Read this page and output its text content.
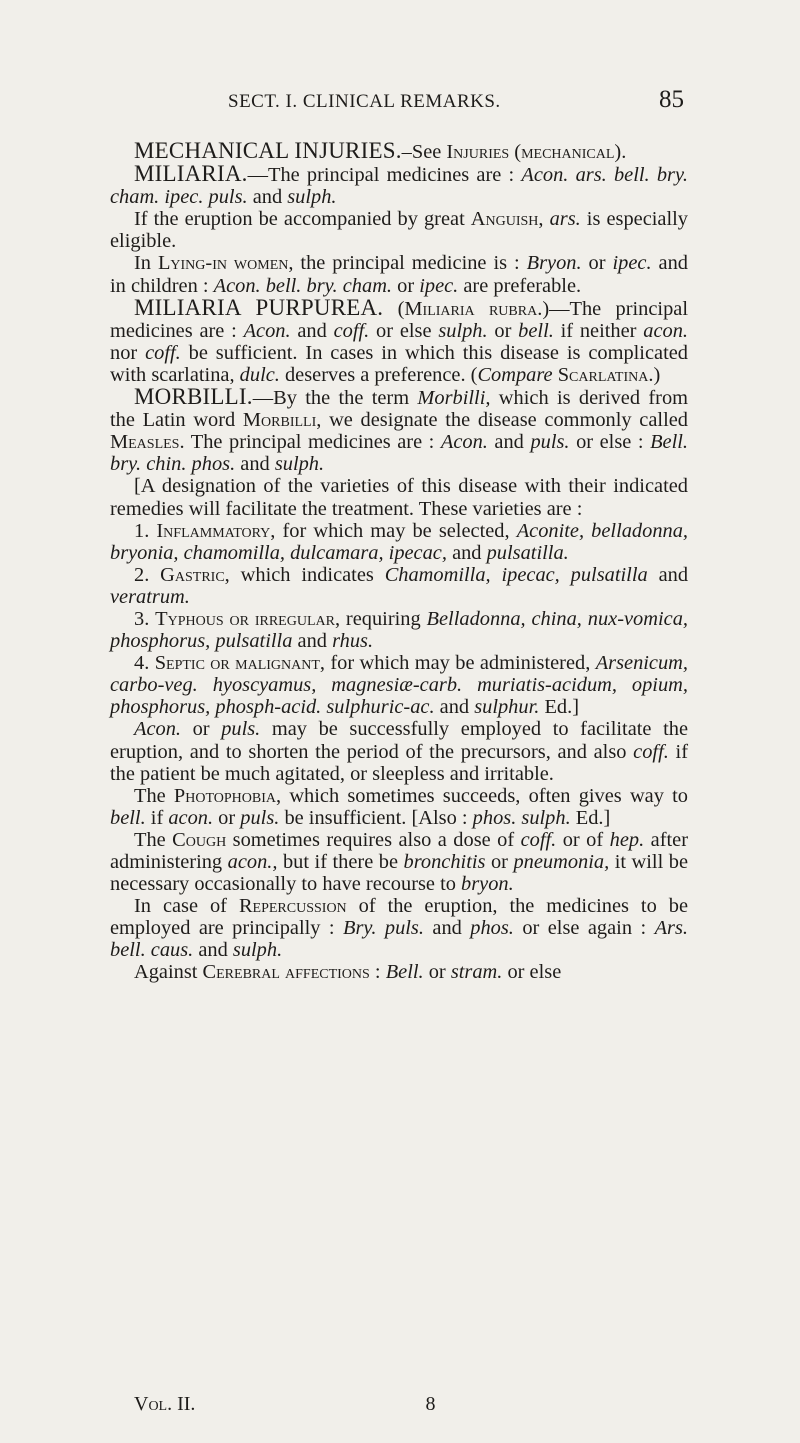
SECT. I. CLINICAL REMARKS.	85

MECHANICAL INJURIES.–See Injuries (mechanical).

MILIARIA.—The principal medicines are : Acon. ars. bell. bry. cham. ipec. puls. and sulph.

If the eruption be accompanied by great Anguish, ars. is especially eligible.

In Lying-in women, the principal medicine is : Bryon. or ipec. and in children : Acon. bell. bry. cham. or ipec. are preferable.

MILIARIA PURPUREA. (Miliaria rubra.)—The principal medicines are : Acon. and coff. or else sulph. or bell. if neither acon. nor coff. be sufficient. In cases in which this disease is complicated with scarlatina, dulc. deserves a preference. (Compare Scarlatina.)

MORBILLI.—By the the term Morbilli, which is derived from the Latin word Morbilli, we designate the disease commonly called Measles. The principal medicines are : Acon. and puls. or else : Bell. bry. chin. phos. and sulph.

[A designation of the varieties of this disease with their indicated remedies will facilitate the treatment. These varieties are :

1. Inflammatory, for which may be selected, Aconite, belladonna, bryonia, chamomilla, dulcamara, ipecac, and pulsatilla.

2. Gastric, which indicates Chamomilla, ipecac, pulsatilla and veratrum.

3. Typhous or irregular, requiring Belladonna, china, nux-vomica, phosphorus, pulsatilla and rhus.

4. Septic or malignant, for which may be administered, Arsenicum, carbo-veg. hyoscyamus, magnesiæ-carb. muriatis-acidum, opium, phosphorus, phosph-acid. sulphuric-ac. and sulphur. Ed.]

Acon. or puls. may be successfully employed to facilitate the eruption, and to shorten the period of the precursors, and also coff. if the patient be much agitated, or sleepless and irritable.

The Photophobia, which sometimes succeeds, often gives way to bell. if acon. or puls. be insufficient. [Also : phos. sulph. Ed.]

The Cough sometimes requires also a dose of coff. or of hep. after administering acon., but if there be bronchitis or pneumonia, it will be necessary occasionally to have recourse to bryon.

In case of Repercussion of the eruption, the medicines to be employed are principally : Bry. puls. and phos. or else again : Ars. bell. caus. and sulph.

Against Cerebral affections : Bell. or stram. or else

Vol. II.	8
